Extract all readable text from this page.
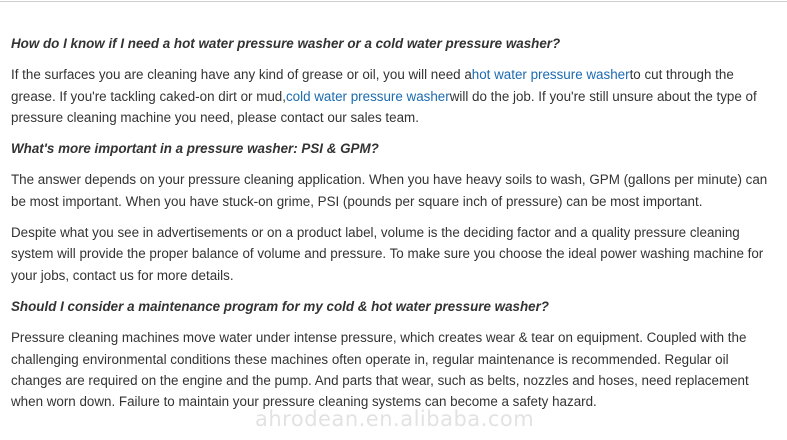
How do I know if I need a hot water pressure washer or a cold water pressure washer?

If the surfaces you are cleaning have any kind of grease or oil, you will need ahot water pressure washerto cut through the grease. If you're tackling caked-on dirt or mud,cold water pressure washerwill do the job. If you're still unsure about the type of pressure cleaning machine you need, please contact our sales team.

What's more important in a pressure washer: PSI & GPM?

The answer depends on your pressure cleaning application. When you have heavy soils to wash, GPM (gallons per minute) can be most important. When you have stuck-on grime, PSI (pounds per square inch of pressure) can be most important.

Despite what you see in advertisements or on a product label, volume is the deciding factor and a quality pressure cleaning system will provide the proper balance of volume and pressure. To make sure you choose the ideal power washing machine for your jobs, contact us for more details.

Should I consider a maintenance program for my cold & hot water pressure washer?

Pressure cleaning machines move water under intense pressure, which creates wear & tear on equipment. Coupled with the challenging environmental conditions these machines often operate in, regular maintenance is recommended. Regular oil changes are required on the engine and the pump. And parts that wear, such as belts, nozzles and hoses, need replacement when worn down. Failure to maintain your pressure cleaning systems can become a safety hazard.

ahrodean.en.alibaba.com
